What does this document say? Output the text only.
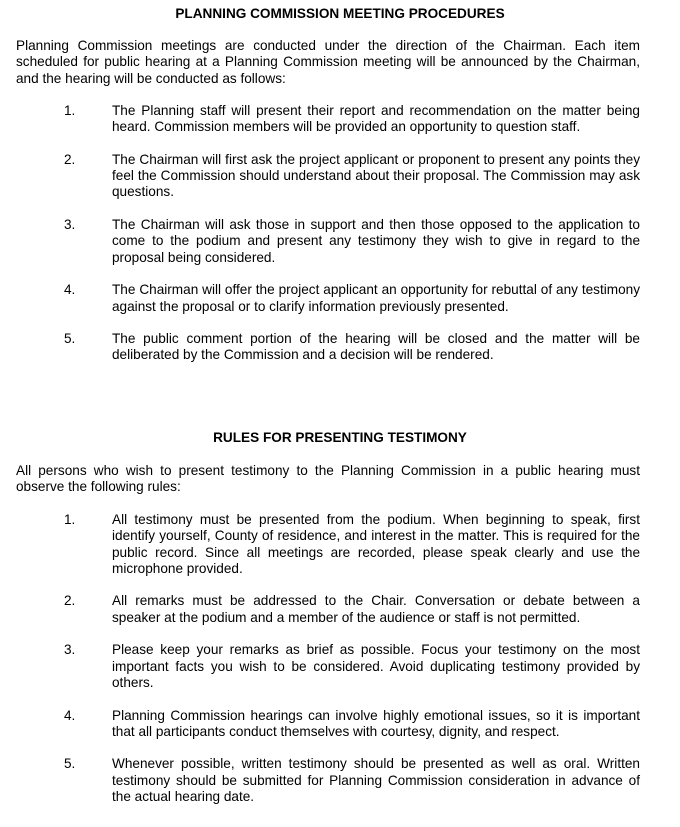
PLANNING COMMISSION MEETING PROCEDURES

Planning Commission meetings are conducted under the direction of the Chairman. Each item scheduled for public hearing at a Planning Commission meeting will be announced by the Chairman, and the hearing will be conducted as follows:

1.	The Planning staff will present their report and recommendation on the matter being heard. Commission members will be provided an opportunity to question staff.
2.	The Chairman will first ask the project applicant or proponent to present any points they feel the Commission should understand about their proposal. The Commission may ask questions.
3.	The Chairman will ask those in support and then those opposed to the application to come to the podium and present any testimony they wish to give in regard to the proposal being considered.
4.	The Chairman will offer the project applicant an opportunity for rebuttal of any testimony against the proposal or to clarify information previously presented.
5.	The public comment portion of the hearing will be closed and the matter will be deliberated by the Commission and a decision will be rendered.
RULES FOR PRESENTING TESTIMONY

All persons who wish to present testimony to the Planning Commission in a public hearing must observe the following rules:

1.	All testimony must be presented from the podium. When beginning to speak, first identify yourself, County of residence, and interest in the matter. This is required for the public record. Since all meetings are recorded, please speak clearly and use the microphone provided.
2.	All remarks must be addressed to the Chair. Conversation or debate between a speaker at the podium and a member of the audience or staff is not permitted.
3.	Please keep your remarks as brief as possible. Focus your testimony on the most important facts you wish to be considered. Avoid duplicating testimony provided by others.
4.	Planning Commission hearings can involve highly emotional issues, so it is important that all participants conduct themselves with courtesy, dignity, and respect.
5.	Whenever possible, written testimony should be presented as well as oral. Written testimony should be submitted for Planning Commission consideration in advance of the actual hearing date.
